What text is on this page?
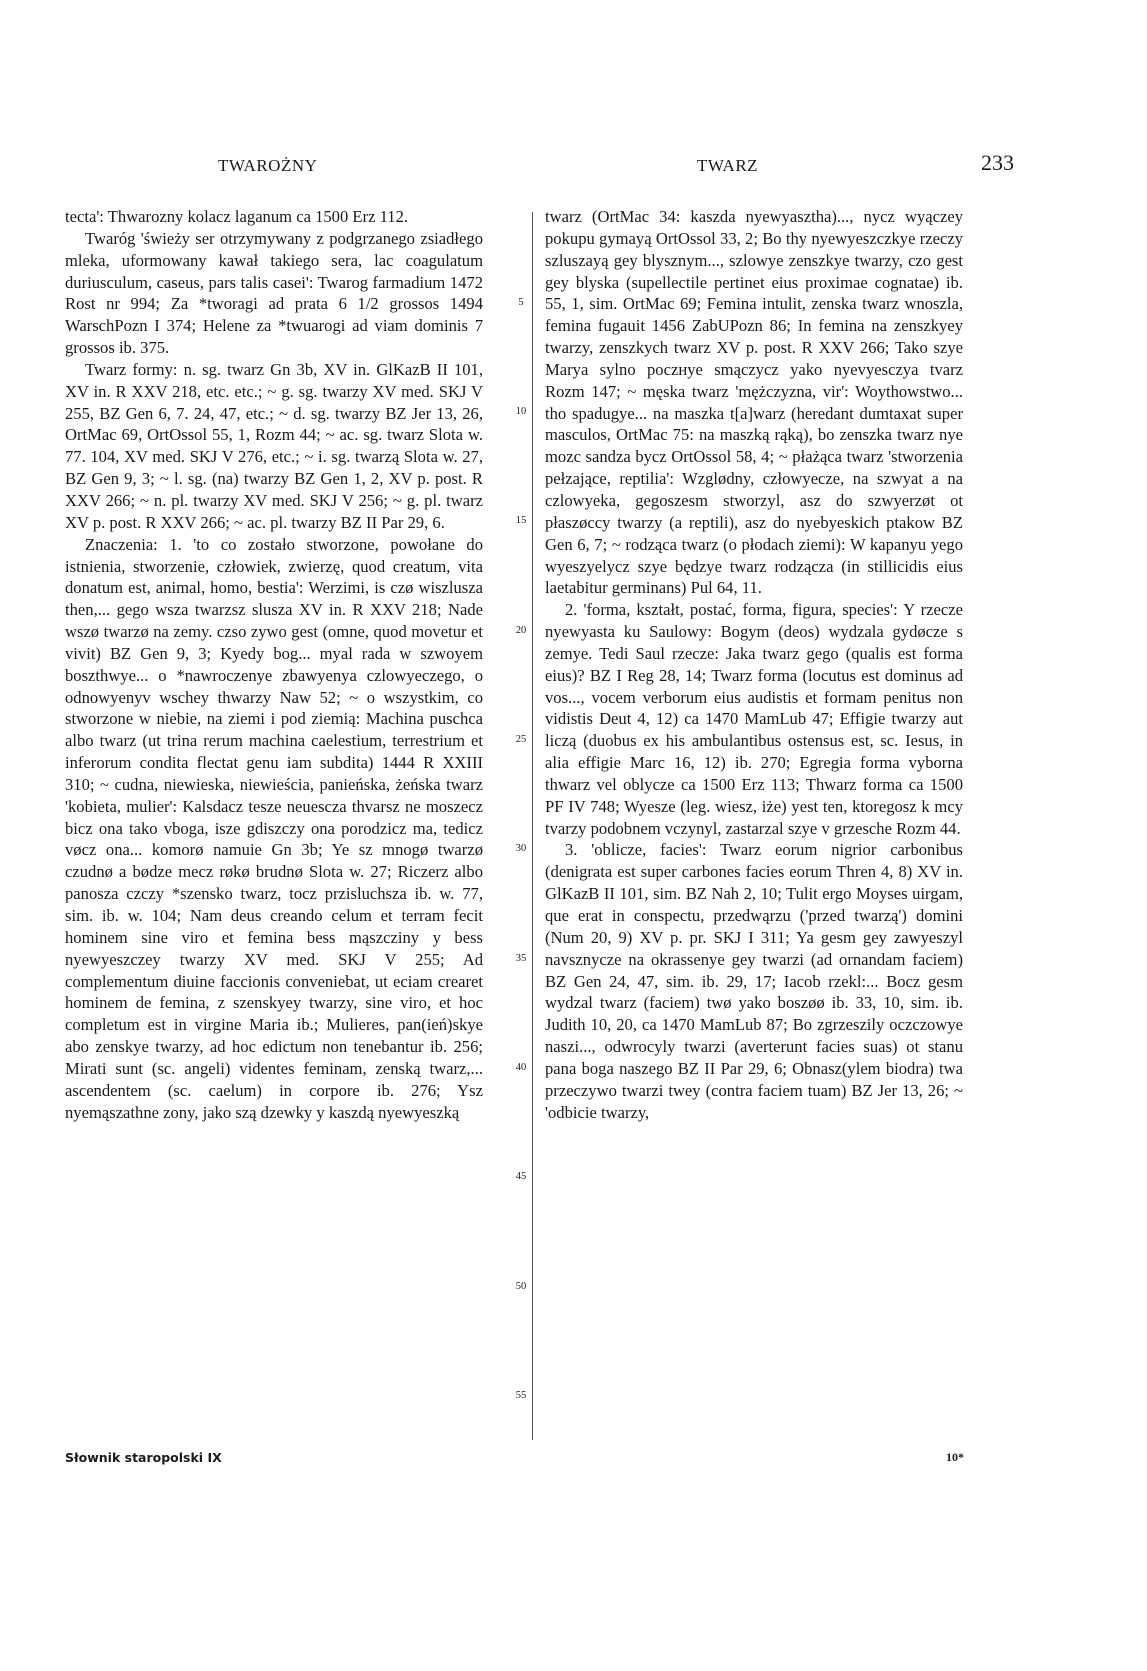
TWAROŻNY	TWARZ	233

tecta': Thwarozny kolacz laganum ca 1500 Erz 112.

Twaróg 'świeży ser otrzymywany z podgrzanego zsiadłego mleka, uformowany kawał takiego sera, lac coagulatum duriusculum, caseus, pars talis casei': Twarog farmadium 1472 Rost nr 994; Za *tworagi ad prata 6 1/2 grossos 1494 WarschPozn I 374; Helene za *twuarogi ad viam dominis 7 grossos ib. 375.

Twarz formy: n. sg. twarz Gn 3b, XV in. GlKazB II 101, XV in. R XXV 218, etc. etc.; ~ g. sg. twarzy XV med. SKJ V 255, BZ Gen 6, 7. 24, 47, etc.; ~ d. sg. twarzy BZ Jer 13, 26, OrtMac 69, OrtOssol 55, 1, Rozm 44; ~ ac. sg. twarz Slota w. 77. 104, XV med. SKJ V 276, etc.; ~ i. sg. twarzą Slota w. 27, BZ Gen 9, 3; ~ l. sg. (na) twarzy BZ Gen 1, 2, XV p. post. R XXV 266; ~ n. pl. twarzy XV med. SKJ V 256; ~ g. pl. twarz XV p. post. R XXV 266; ~ ac. pl. twarzy BZ II Par 29, 6.

Znaczenia: 1. 'to co zostało stworzone, powołane do istnienia, stworzenie, człowiek, zwierzę, quod creatum, vita donatum est, animal, homo, bestia': Werzimi, is czø wiszlusza then,... gego wsza twarzsz slusza XV in. R XXV 218; Nade wszø twarzø na zemy. czso zywo gest (omne, quod movetur et vivit) BZ Gen 9, 3; Kyedy bog... myal rada w szwoyem boszthwye... o *nawroczenye zbawyenya czlowyeczego, o odnowyenyv wschey thwarzy Naw 52; ~ o wszystkim, co stworzone w niebie, na ziemi i pod ziemią: Machina puschca albo twarz (ut trina rerum machina caelestium, terrestrium et inferorum condita flectat genu iam subdita) 1444 R XXIII 310; ~ cudna, niewieska, niewieścia, panieńska, żeńska twarz 'kobieta, mulier': Kalsdacz tesze neuesczа thvarsz ne moszecz bicz ona tako vboga, isze gdiszczy ona porodzicz ma, tedicz vøcz ona... komorø namuie Gn 3b; Ye sz mnogø twarzø czudnø a bødze mecz røkø brudnø Slota w. 27; Riczerz albo panosza czczy *szensko twarz, tocz przisluchsza ib. w. 77, sim. ib. w. 104; Nam deus creando celum et terram fecit hominem sine viro et femina bess mąszcziny y bess nyewyeszczey twarzy XV med. SKJ V 255; Ad complementum diuine faccionis conveniebat, ut eciam crearet hominem de femina, z szenskyey twarzy, sine viro, et hoc completum est in virgine Maria ib.; Mulieres, pan(ień)skye abo zenskye twarzy, ad hoc edictum non tenebantur ib. 256; Mirati sunt (sc. angeli) videntes feminam, zenską twarz,... ascendentem (sc. caelum) in corpore ib. 276; Ysz nyemąszathne zony, jako szą dzewky y kaszdą nyewyeszką

5
10
15
20
25
30
35
40
45
50
55

twarz (OrtMac 34: kaszda nyewyasztha)..., nycz wyączey pokupu gymayą OrtOssol 33, 2; Bo thy nyewyeszczkye rzeczy szluszayą gey blysznym..., szlowye zenszkye twarzy, czo gest gey blyska (supellectile pertinet eius proximae cognatae) ib. 55, 1, sim. OrtMac 69; Femina intulit, zenska twarz wnoszla, femina fugauit 1456 ZabUPozn 86; In femina na zenszkyey twarzy, zenszkych twarz XV p. post. R XXV 266; Tako szye Marya sylno poczнye smąсzуcz yako nyevyesczyа tvarz Rozm 147; ~ męska twarz 'mężczyzna, vir': Woythowstwo... tho spadugye... na maszka t[a]warz (heredant dumtaxat super masculos, OrtMac 75: na maszką rąką), bo zenszka twarz nye mozc sandza bycz OrtOssol 58, 4; ~ płażąca twarz 'stworzenia pełzające, reptilia': Wzglødny, człowyecze, na szwyat a na czlowyeka, gegoszesm stworzyl, asz do szwyerzøt ot płaszøccy twarzy (a reptili), asz do nyebyeskich ptakow BZ Gen 6, 7; ~ rodząca twarz (o płodach ziemi): W kapanyu yego wyeszyelycz szye będzye twarz rodzącza (in stillicidis eius laetabitur germinans) Pul 64, 11.

2. 'forma, kształt, postać, forma, figura, species': Y rzecze nyewyasta ku Saulowy: Bogym (deos) wydzala gydøcze s zemye. Tedi Saul rzecze: Jaka twarz gego (qualis est forma eius)? BZ I Reg 28, 14; Twarz forma (locutus est dominus ad vos..., vocem verborum eius audistis et formam penitus non vidistis Deut 4, 12) ca 1470 MamLub 47; Effigie twarzy aut liczą (duobus ex his ambulantibus ostensus est, sc. Iesus, in alia effigie Marc 16, 12) ib. 270; Egregia forma vyborna thwarz vel oblycze ca 1500 Erz 113; Thwarz forma ca 1500 PF IV 748; Wyesze (leg. wiesz, iże) yest ten, ktoregosz k mcy tvarzy podobnem vczynyl, zastarzal szye v grzesche Rozm 44.

3. 'oblicze, facies': Twarz eorum nigrior carbonibus (denigrata est super carbones facies eorum Thren 4, 8) XV in. GlKazB II 101, sim. BZ Nah 2, 10; Tulit ergo Moyses uirgam, que erat in conspectu, przedwąrzu ('przed twarzą') domini (Num 20, 9) XV p. pr. SKJ I 311; Ya gesm gey zawyeszyl navsznycze na okrassenye gey twarzi (ad ornandam faciem) BZ Gen 24, 47, sim. ib. 29, 17; Iacob rzekl:... Bocz gesm wydzal twarz (faciem) twø yako boszøø ib. 33, 10, sim. ib. Judith 10, 20, ca 1470 MamLub 87; Bo zgrzeszily oczczowye naszi..., odwrocyly twarzi (averterunt facies suas) ot stanu pana boga naszego BZ II Par 29, 6; Obnasz(ylem biodra) twa przeczywo twarzi twey (contra faciem tuam) BZ Jer 13, 26; ~ 'odbicie twarzy,

Słownik staropolski IX	10*
